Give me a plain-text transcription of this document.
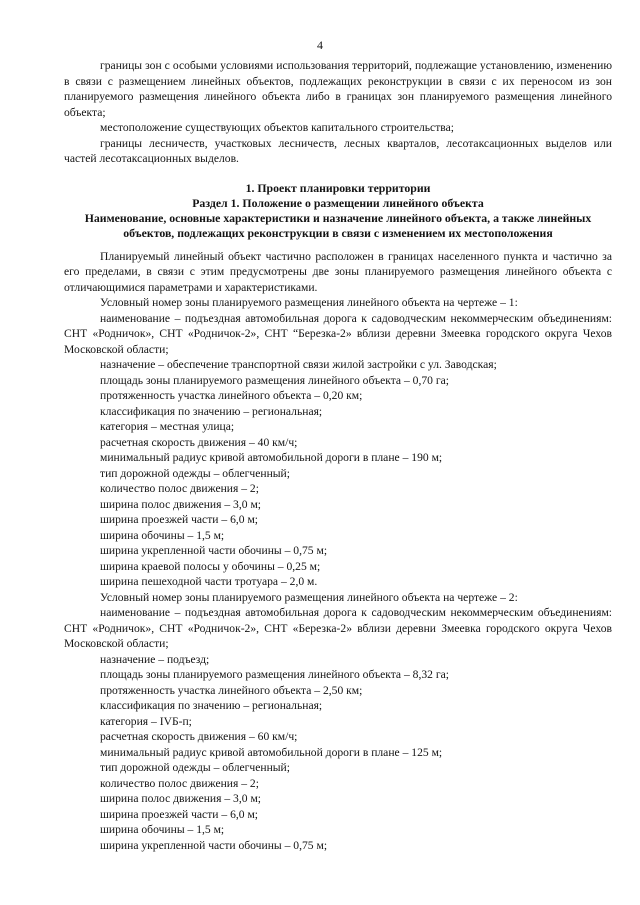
4

границы зон с особыми условиями использования территорий, подлежащие установлению, изменению в связи с размещением линейных объектов, подлежащих реконструкции в связи с их переносом из зон планируемого размещения линейного объекта либо в границах зон планируемого размещения линейного объекта;

местоположение существующих объектов капитального строительства;

границы лесничеств, участковых лесничеств, лесных кварталов, лесотаксационных выделов или частей лесотаксационных выделов.

1. Проект планировки территории

Раздел 1. Положение о размещении линейного объекта

Наименование, основные характеристики и назначение линейного объекта, а также линейных объектов, подлежащих реконструкции в связи с изменением их местоположения

Планируемый линейный объект частично расположен в границах населенного пункта и частично за его пределами, в связи с этим предусмотрены две зоны планируемого размещения линейного объекта с отличающимися параметрами и характеристиками.

Условный номер зоны планируемого размещения линейного объекта на чертеже – 1:

наименование – подъездная автомобильная дорога к садоводческим некоммерческим объединениям: СНТ «Родничок», СНТ «Родничок-2», СНТ “Березка-2» вблизи деревни Змеевка городского округа Чехов Московской области;

назначение – обеспечение транспортной связи жилой застройки с ул. Заводская;

площадь зоны планируемого размещения линейного объекта – 0,70 га;

протяженность участка линейного объекта – 0,20 км;

классификация по значению – региональная;

категория – местная улица;

расчетная скорость движения – 40 км/ч;

минимальный радиус кривой автомобильной дороги в плане – 190 м;

тип дорожной одежды – облегченный;

количество полос движения – 2;

ширина полос движения – 3,0 м;

ширина проезжей части – 6,0 м;

ширина обочины – 1,5 м;

ширина укрепленной части обочины – 0,75 м;

ширина краевой полосы у обочины – 0,25 м;

ширина пешеходной части тротуара – 2,0 м.

Условный номер зоны планируемого размещения линейного объекта на чертеже – 2:

наименование – подъездная автомобильная дорога к садоводческим некоммерческим объединениям: СНТ «Родничок», СНТ «Родничок-2», СНТ «Березка-2» вблизи деревни Змеевка городского округа Чехов Московской области;

назначение – подъезд;

площадь зоны планируемого размещения линейного объекта – 8,32 га;

протяженность участка линейного объекта – 2,50 км;

классификация по значению – региональная;

категория – IVБ-п;

расчетная скорость движения – 60 км/ч;

минимальный радиус кривой автомобильной дороги в плане – 125 м;

тип дорожной одежды – облегченный;

количество полос движения – 2;

ширина полос движения – 3,0 м;

ширина проезжей части – 6,0 м;

ширина обочины – 1,5 м;

ширина укрепленной части обочины – 0,75 м;
